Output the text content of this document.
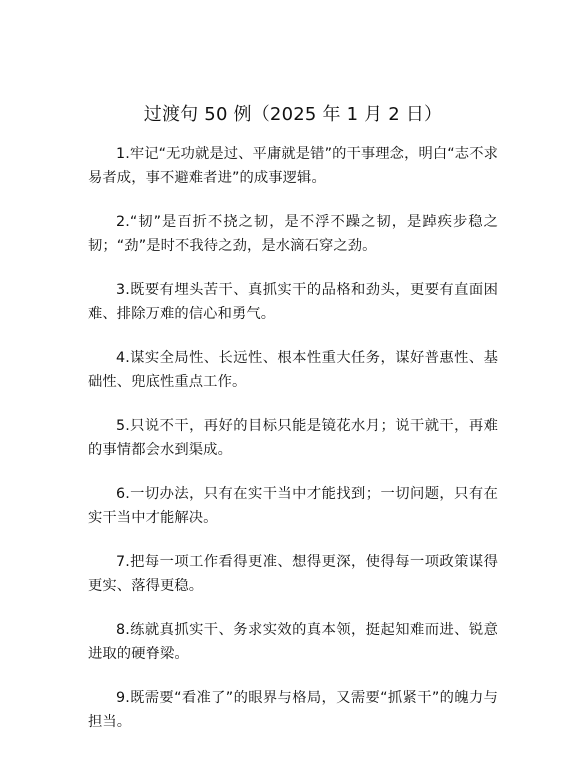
过渡句 50 例（2025 年 1 月 2 日）

1.牢记“无功就是过、平庸就是错”的干事理念，明白“志不求易者成，事不避难者进”的成事逻辑。

2.“韧”是百折不挠之韧，是不浮不躁之韧，是踔疾步稳之韧；“劲”是时不我待之劲，是水滴石穿之劲。

3.既要有埋头苦干、真抓实干的品格和劲头，更要有直面困难、排除万难的信心和勇气。

4.谋实全局性、长远性、根本性重大任务，谋好普惠性、基础性、兜底性重点工作。

5.只说不干，再好的目标只能是镜花水月；说干就干，再难的事情都会水到渠成。

6.一切办法，只有在实干当中才能找到；一切问题，只有在实干当中才能解决。

7.把每一项工作看得更准、想得更深，使得每一项政策谋得更实、落得更稳。

8.练就真抓实干、务求实效的真本领，挺起知难而进、锐意进取的硬脊梁。

9.既需要“看准了”的眼界与格局，又需要“抓紧干”的魄力与担当。
